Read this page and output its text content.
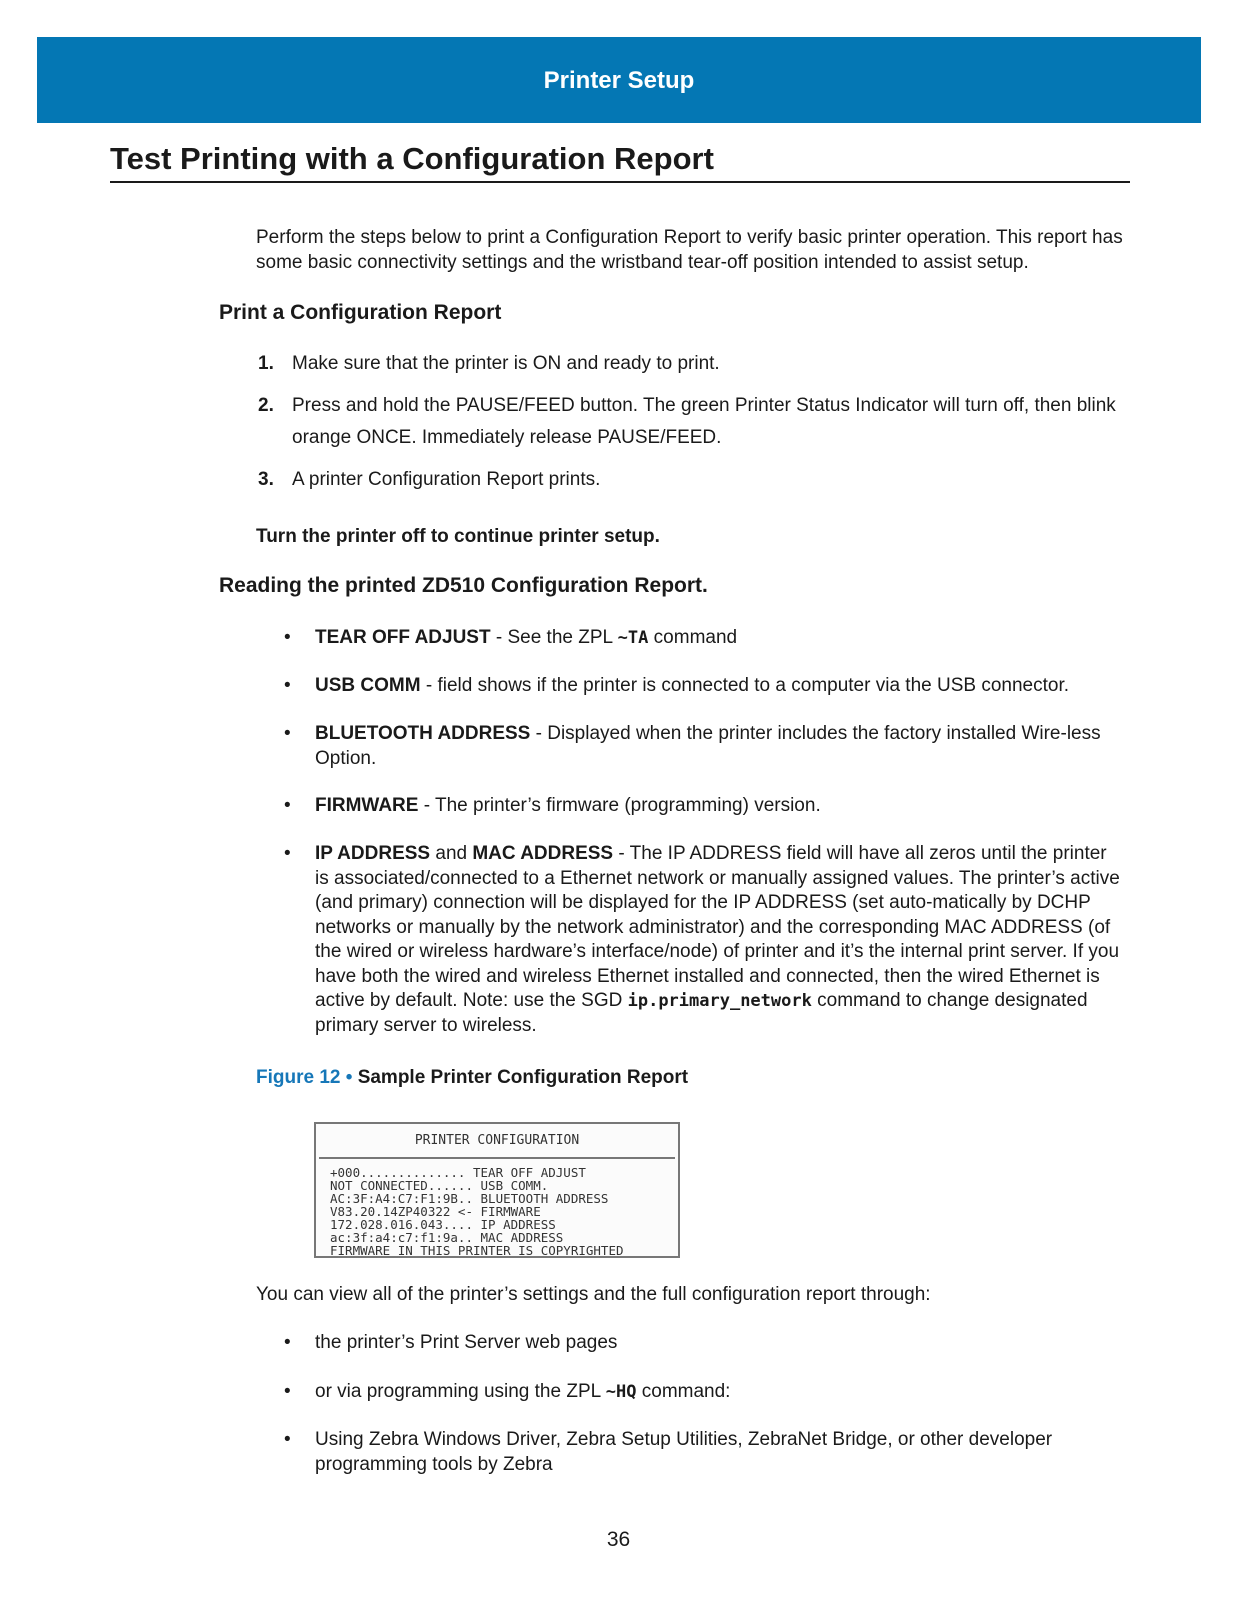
Printer Setup
Test Printing with a Configuration Report

Perform the steps below to print a Configuration Report to verify basic printer operation. This report has some basic connectivity settings and the wristband tear-off position intended to assist setup.

Print a Configuration Report
1. Make sure that the printer is ON and ready to print.
2. Press and hold the PAUSE/FEED button. The green Printer Status Indicator will turn off, then blink orange ONCE. Immediately release PAUSE/FEED.
3. A printer Configuration Report prints.
Turn the printer off to continue printer setup.
Reading the printed ZD510 Configuration Report.
• TEAR OFF ADJUST - See the ZPL ~TA command
• USB COMM - field shows if the printer is connected to a computer via the USB connector.
• BLUETOOTH ADDRESS - Displayed when the printer includes the factory installed Wire-less Option.
• FIRMWARE - The printer’s firmware (programming) version.
• IP ADDRESS and MAC ADDRESS - The IP ADDRESS field will have all zeros until the printer is associated/connected to a Ethernet network or manually assigned values. The printer’s active (and primary) connection will be displayed for the IP ADDRESS (set auto-matically by DCHP networks or manually by the network administrator) and the corresponding MAC ADDRESS (of the wired or wireless hardware’s interface/node) of printer and it’s the internal print server. If you have both the wired and wireless Ethernet installed and connected, then the wired Ethernet is active by default. Note: use the SGD ip.primary_network command to change designated primary server to wireless.
Figure 12 • Sample Printer Configuration Report
PRINTER CONFIGURATION
+000.............. TEAR OFF ADJUST
NOT CONNECTED...... USB COMM.
AC:3F:A4:C7:F1:9B.. BLUETOOTH ADDRESS
V83.20.14ZP40322 <- FIRMWARE
172.028.016.043.... IP ADDRESS
ac:3f:a4:c7:f1:9a.. MAC ADDRESS
FIRMWARE IN THIS PRINTER IS COPYRIGHTED

You can view all of the printer’s settings and the full configuration report through:

• the printer’s Print Server web pages
• or via programming using the ZPL ~HQ command:
• Using Zebra Windows Driver, Zebra Setup Utilities, ZebraNet Bridge, or other developer programming tools by Zebra
36
